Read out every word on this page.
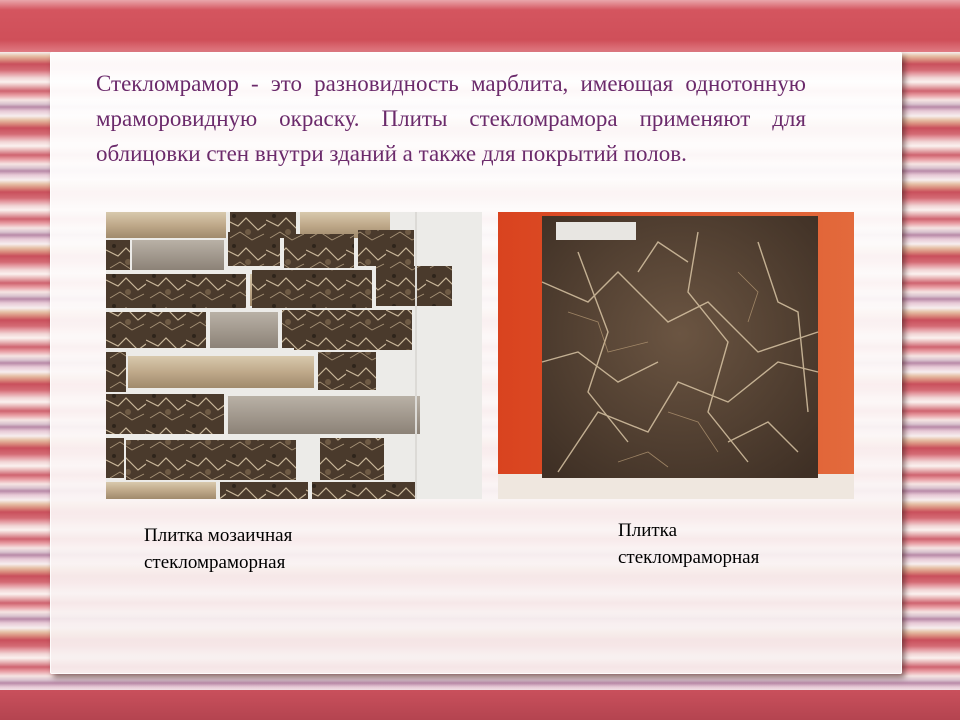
Стекломрамор - это разновидность марблита, имеющая однотонную мраморовидную окраску. Плиты стекломрамора применяют для облицовки стен внутри зданий а также для покрытий полов.

Плитка мозаичная
стекломраморная

Плитка
стекломраморная
